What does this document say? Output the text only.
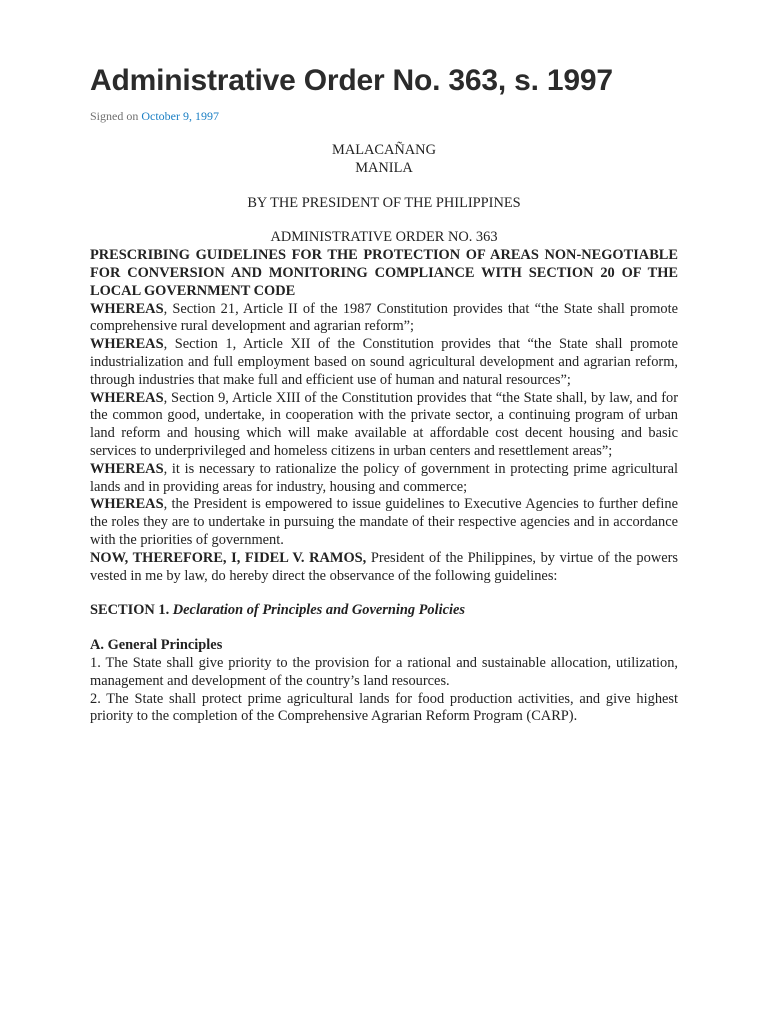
Administrative Order No. 363, s. 1997
Signed on October 9, 1997
MALACAÑANG
MANILA
BY THE PRESIDENT OF THE PHILIPPINES
ADMINISTRATIVE ORDER NO. 363

PRESCRIBING GUIDELINES FOR THE PROTECTION OF AREAS NON-NEGOTIABLE FOR CONVERSION AND MONITORING COMPLIANCE WITH SECTION 20 OF THE LOCAL GOVERNMENT CODE

WHEREAS, Section 21, Article II of the 1987 Constitution provides that “the State shall promote comprehensive rural development and agrarian reform”;

WHEREAS, Section 1, Article XII of the Constitution provides that “the State shall promote industrialization and full employment based on sound agricultural development and agrarian reform, through industries that make full and efficient use of human and natural resources”;

WHEREAS, Section 9, Article XIII of the Constitution provides that “the State shall, by law, and for the common good, undertake, in cooperation with the private sector, a continuing program of urban land reform and housing which will make available at affordable cost decent housing and basic services to underprivileged and homeless citizens in urban centers and resettlement areas”;

WHEREAS, it is necessary to rationalize the policy of government in protecting prime agricultural lands and in providing areas for industry, housing and commerce;

WHEREAS, the President is empowered to issue guidelines to Executive Agencies to further define the roles they are to undertake in pursuing the mandate of their respective agencies and in accordance with the priorities of government.

NOW, THEREFORE, I, FIDEL V. RAMOS, President of the Philippines, by virtue of the powers vested in me by law, do hereby direct the observance of the following guidelines:

SECTION 1. Declaration of Principles and Governing Policies
A. General Principles

1. The State shall give priority to the provision for a rational and sustainable allocation, utilization, management and development of the country’s land resources.

2. The State shall protect prime agricultural lands for food production activities, and give highest priority to the completion of the Comprehensive Agrarian Reform Program (CARP).
